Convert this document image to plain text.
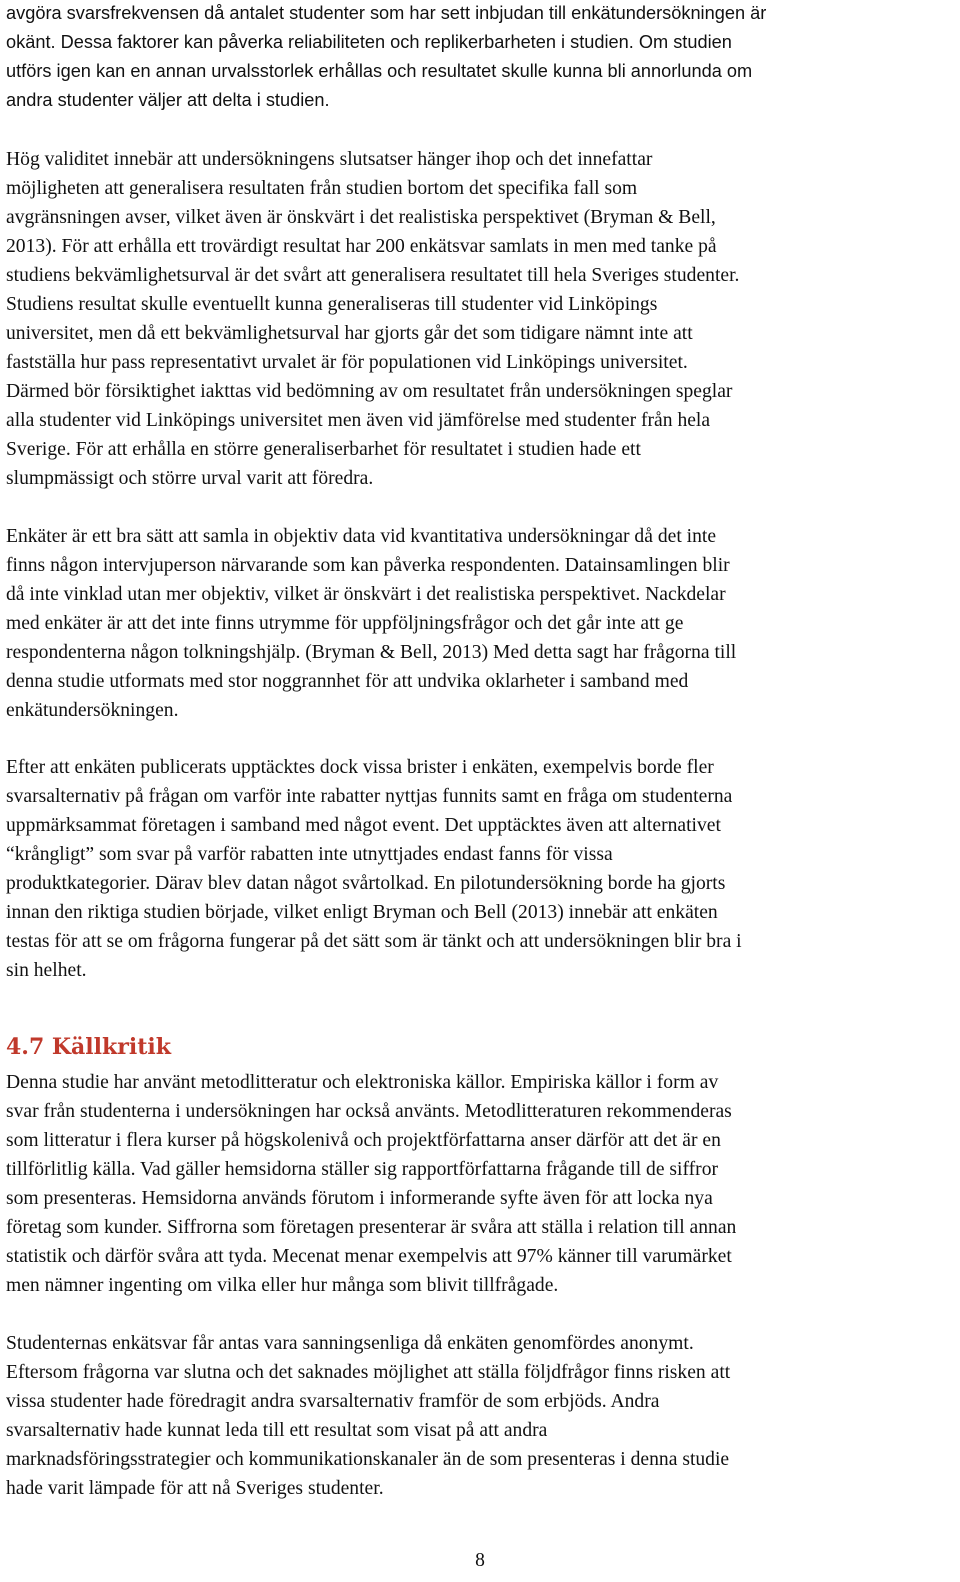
avgöra svarsfrekvensen då antalet studenter som har sett inbjudan till enkätundersökningen är
okänt. Dessa faktorer kan påverka reliabiliteten och replikerbarheten i studien. Om studien
utförs igen kan en annan urvalsstorlek erhållas och resultatet skulle kunna bli annorlunda om
andra studenter väljer att delta i studien.

Hög validitet innebär att undersökningens slutsatser hänger ihop och det innefattar
möjligheten att generalisera resultaten från studien bortom det specifika fall som
avgränsningen avser, vilket även är önskvärt i det realistiska perspektivet (Bryman & Bell,
2013). För att erhålla ett trovärdigt resultat har 200 enkätsvar samlats in men med tanke på
studiens bekvämlighetsurval är det svårt att generalisera resultatet till hela Sveriges studenter.
Studiens resultat skulle eventuellt kunna generaliseras till studenter vid Linköpings
universitet, men då ett bekvämlighetsurval har gjorts går det som tidigare nämnt inte att
fastställa hur pass representativt urvalet är för populationen vid Linköpings universitet.
Därmed bör försiktighet iakttas vid bedömning av om resultatet från undersökningen speglar
alla studenter vid Linköpings universitet men även vid jämförelse med studenter från hela
Sverige. För att erhålla en större generaliserbarhet för resultatet i studien hade ett
slumpmässigt och större urval varit att föredra.

Enkäter är ett bra sätt att samla in objektiv data vid kvantitativa undersökningar då det inte
finns någon intervjuperson närvarande som kan påverka respondenten. Datainsamlingen blir
då inte vinklad utan mer objektiv, vilket är önskvärt i det realistiska perspektivet. Nackdelar
med enkäter är att det inte finns utrymme för uppföljningsfrågor och det går inte att ge
respondenterna någon tolkningshjälp. (Bryman & Bell, 2013) Med detta sagt har frågorna till
denna studie utformats med stor noggrannhet för att undvika oklarheter i samband med
enkätundersökningen.

Efter att enkäten publicerats upptäcktes dock vissa brister i enkäten, exempelvis borde fler
svarsalternativ på frågan om varför inte rabatter nyttjas funnits samt en fråga om studenterna
uppmärksammat företagen i samband med något event. Det upptäcktes även att alternativet
“krångligt” som svar på varför rabatten inte utnyttjades endast fanns för vissa
produktkategorier. Därav blev datan något svårtolkad. En pilotundersökning borde ha gjorts
innan den riktiga studien började, vilket enligt Bryman och Bell (2013) innebär att enkäten
testas för att se om frågorna fungerar på det sätt som är tänkt och att undersökningen blir bra i
sin helhet.

4.7 Källkritik

Denna studie har använt metodlitteratur och elektroniska källor. Empiriska källor i form av
svar från studenterna i undersökningen har också använts. Metodlitteraturen rekommenderas
som litteratur i flera kurser på högskolenivå och projektförfattarna anser därför att det är en
tillförlitlig källa. Vad gäller hemsidorna ställer sig rapportförfattarna frågande till de siffror
som presenteras. Hemsidorna används förutom i informerande syfte även för att locka nya
företag som kunder. Siffrorna som företagen presenterar är svåra att ställa i relation till annan
statistik och därför svåra att tyda. Mecenat menar exempelvis att 97% känner till varumärket
men nämner ingenting om vilka eller hur många som blivit tillfrågade.

Studenternas enkätsvar får antas vara sanningsenliga då enkäten genomfördes anonymt.
Eftersom frågorna var slutna och det saknades möjlighet att ställa följdfrågor finns risken att
vissa studenter hade föredragit andra svarsalternativ framför de som erbjöds. Andra
svarsalternativ hade kunnat leda till ett resultat som visat på att andra
marknadsföringsstrategier och kommunikationskanaler än de som presenteras i denna studie
hade varit lämpade för att nå Sveriges studenter.

8
